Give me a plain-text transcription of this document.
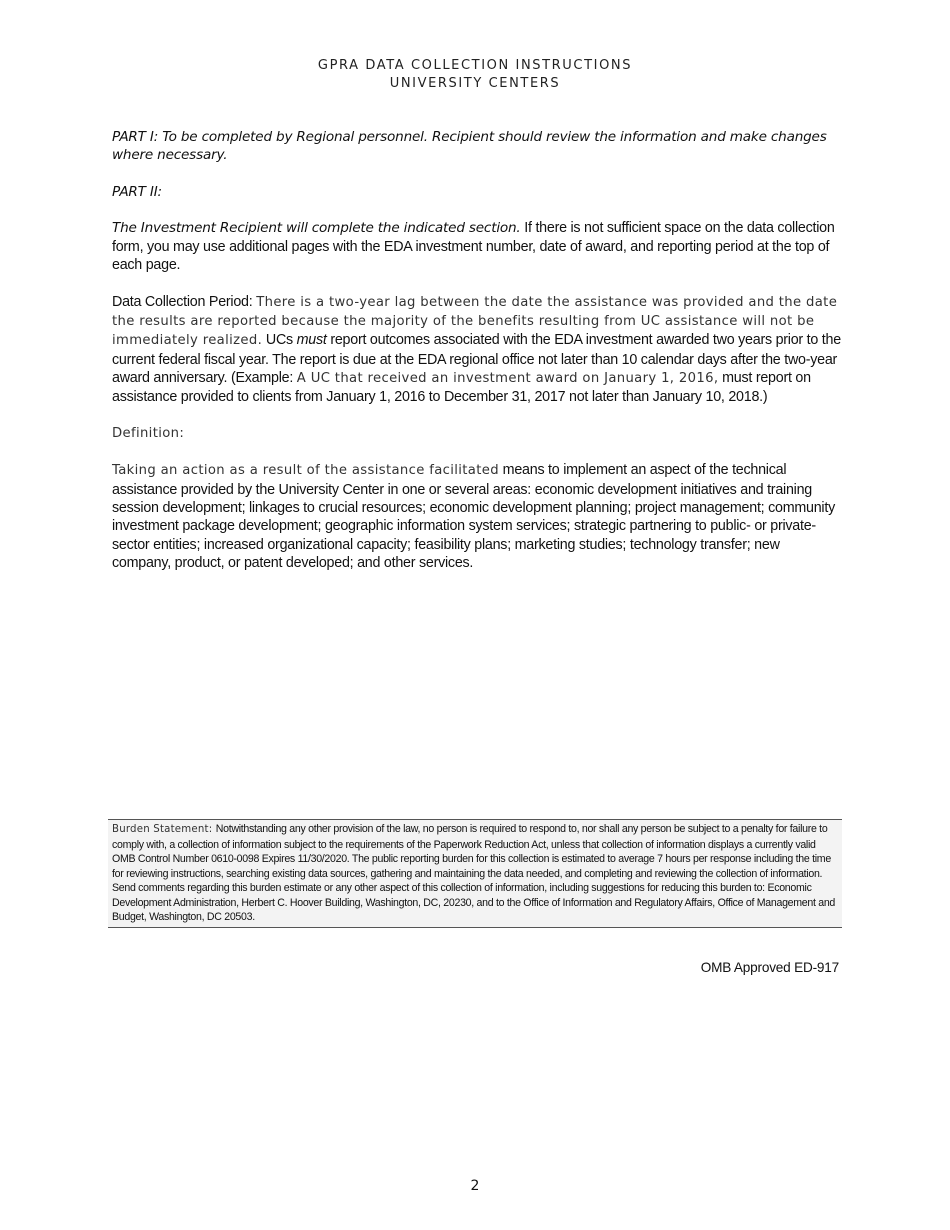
GPRA DATA COLLECTION INSTRUCTIONS
UNIVERSITY CENTERS

PART I: To be completed by Regional personnel. Recipient should review the information and make changes where necessary.

PART II:

The Investment Recipient will complete the indicated section. If there is not sufficient space on the data collection form, you may use additional pages with the EDA investment number, date of award, and reporting period at the top of each page.

Data Collection Period: There is a two-year lag between the date the assistance was provided and the date the results are reported because the majority of the benefits resulting from UC assistance will not be immediately realized. UCs must report outcomes associated with the EDA investment awarded two years prior to the current federal fiscal year. The report is due at the EDA regional office not later than 10 calendar days after the two-year award anniversary. (Example: A UC that received an investment award on January 1, 2016, must report on assistance provided to clients from January 1, 2016 to December 31, 2017 not later than January 10, 2018.)

Definition:

Taking an action as a result of the assistance facilitated means to implement an aspect of the technical assistance provided by the University Center in one or several areas: economic development initiatives and training session development; linkages to crucial resources; economic development planning; project management; community investment package development; geographic information system services; strategic partnering to public- or private-sector entities; increased organizational capacity; feasibility plans; marketing studies; technology transfer; new company, product, or patent developed; and other services.

Burden Statement: Notwithstanding any other provision of the law, no person is required to respond to, nor shall any person be subject to a penalty for failure to comply with, a collection of information subject to the requirements of the Paperwork Reduction Act, unless that collection of information displays a currently valid OMB Control Number 0610-0098 Expires 11/30/2020. The public reporting burden for this collection is estimated to average 7 hours per response including the time for reviewing instructions, searching existing data sources, gathering and maintaining the data needed, and completing and reviewing the collection of information. Send comments regarding this burden estimate or any other aspect of this collection of information, including suggestions for reducing this burden to: Economic Development Administration, Herbert C. Hoover Building, Washington, DC, 20230, and to the Office of Information and Regulatory Affairs, Office of Management and Budget, Washington, DC 20503.
OMB Approved ED-917
2
